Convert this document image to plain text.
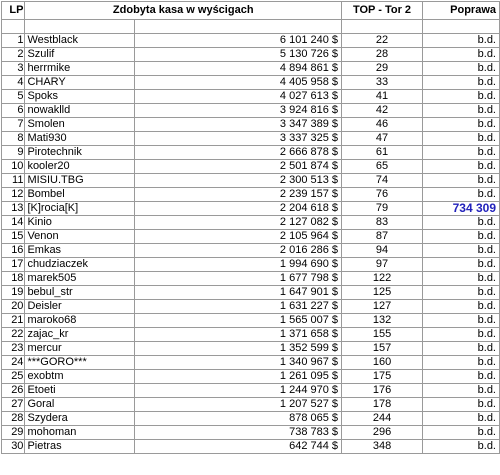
LP	Zdobyta kasa w wyścigach		TOP - Tor 2	Poprawa

1	Westblack	6 101 240 $	22	b.d.
2	Szulif	5 130 726 $	28	b.d.
3	herrmike	4 894 861 $	29	b.d.
4	CHARY	4 405 958 $	33	b.d.
5	Spoks	4 027 613 $	41	b.d.
6	nowaklld	3 924 816 $	42	b.d.
7	Smolen	3 347 389 $	46	b.d.
8	Mati930	3 337 325 $	47	b.d.
9	Pirotechnik	2 666 878 $	61	b.d.
10	kooler20	2 501 874 $	65	b.d.
11	MISIU.TBG	2 300 513 $	74	b.d.
12	Bombel	2 239 157 $	76	b.d.
13	[K]rocia[K]	2 204 618 $	79	734 309
14	Kinio	2 127 082 $	83	b.d.
15	Venon	2 105 964 $	87	b.d.
16	Emkas	2 016 286 $	94	b.d.
17	chudziaczek	1 994 690 $	97	b.d.
18	marek505	1 677 798 $	122	b.d.
19	bebul_str	1 647 901 $	125	b.d.
20	Deisler	1 631 227 $	127	b.d.
21	maroko68	1 565 007 $	132	b.d.
22	zajac_kr	1 371 658 $	155	b.d.
23	mercur	1 352 599 $	157	b.d.
24	***GORO***	1 340 967 $	160	b.d.
25	exobtm	1 261 095 $	175	b.d.
26	Etoeti	1 244 970 $	176	b.d.
27	Goral	1 207 527 $	178	b.d.
28	Szydera	878 065 $	244	b.d.
29	mohoman	738 783 $	296	b.d.
30	Pietras	642 744 $	348	b.d.
